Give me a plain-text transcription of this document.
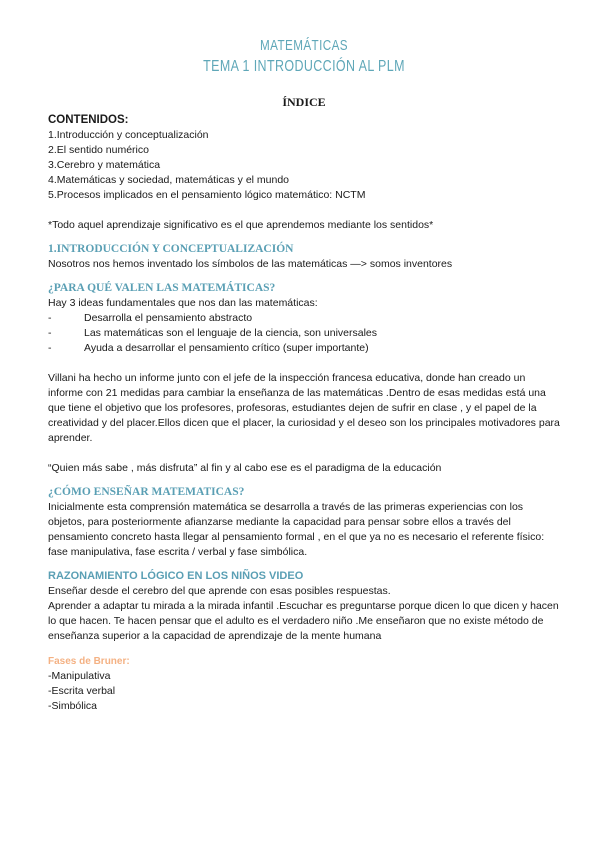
MATEMÁTICAS
TEMA 1 INTRODUCCIÓN AL PLM
ÍNDICE
CONTENIDOS:
1.Introducción y conceptualización
2.El sentido numérico
3.Cerebro y matemática
4.Matemáticas y sociedad, matemáticas y el mundo
5.Procesos implicados en el pensamiento lógico matemático: NCTM
*Todo aquel aprendizaje significativo es el que aprendemos mediante los sentidos*
1.INTRODUCCIÓN Y CONCEPTUALIZACIÓN
Nosotros nos hemos inventado los símbolos de las matemáticas —> somos inventores
¿PARA QUÉ VALEN LAS MATEMÁTICAS?
Hay 3 ideas fundamentales que nos dan las matemáticas:
-	Desarrolla el pensamiento abstracto
-	Las matemáticas son el lenguaje de la ciencia, son universales
-	Ayuda a desarrollar el pensamiento crítico (super importante)
Villani ha hecho un informe junto con el jefe de la inspección francesa educativa, donde han creado un informe con 21 medidas para cambiar la enseñanza de las matemáticas .Dentro de esas medidas está una que tiene el objetivo que los profesores, profesoras, estudiantes dejen de sufrir en clase , y el papel de la creatividad y del placer.Ellos dicen que el placer, la curiosidad y el deseo son los principales motivadores para aprender.
“Quien más sabe , más disfruta” al fin y al cabo ese es el paradigma de la educación
¿CÓMO ENSEÑAR MATEMATICAS?
Inicialmente esta comprensión matemática se desarrolla a través de las primeras experiencias con los objetos, para posteriormente afianzarse mediante la capacidad para pensar sobre ellos a través del pensamiento concreto hasta llegar al pensamiento formal , en el que ya no es necesario el referente físico: fase manipulativa, fase escrita / verbal y fase simbólica.
RAZONAMIENTO LÓGICO EN LOS NIÑOS VIDEO
Enseñar desde el cerebro del que aprende con esas posibles respuestas.
Aprender a adaptar tu mirada a la mirada infantil .Escuchar es preguntarse porque dicen lo que dicen y hacen lo que hacen. Te hacen pensar que el adulto es el verdadero niño .Me enseñaron que no existe método de enseñanza superior a la capacidad de aprendizaje de la mente humana
Fases de Bruner:
-Manipulativa
-Escrita verbal
-Simbólica
